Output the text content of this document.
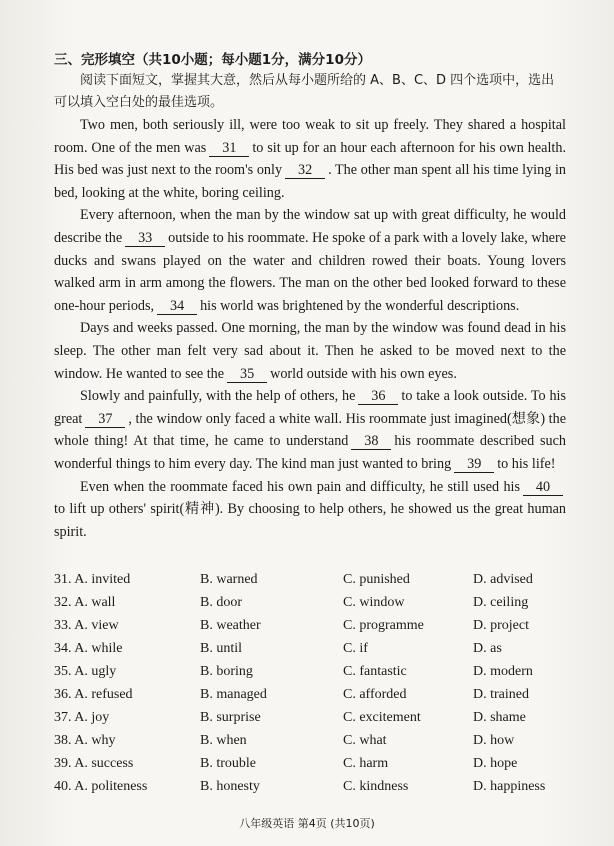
三、完形填空（共10小题；每小题1分，满分10分）
阅读下面短文，掌握其大意，然后从每小题所给的 A、B、C、D 四个选项中，选出可以填入空白处的最佳选项。

Two men, both seriously ill, were too weak to sit up freely. They shared a hospital room. One of the men was 31 to sit up for an hour each afternoon for his own health. His bed was just next to the room's only 32 . The other man spent all his time lying in bed, looking at the white, boring ceiling.

Every afternoon, when the man by the window sat up with great difficulty, he would describe the 33 outside to his roommate. He spoke of a park with a lovely lake, where ducks and swans played on the water and children rowed their boats. Young lovers walked arm in arm among the flowers. The man on the other bed looked forward to these one-hour periods, 34 his world was brightened by the wonderful descriptions.

Days and weeks passed. One morning, the man by the window was found dead in his sleep. The other man felt very sad about it. Then he asked to be moved next to the window. He wanted to see the 35 world outside with his own eyes.

Slowly and painfully, with the help of others, he 36 to take a look outside. To his great 37 , the window only faced a white wall. His roommate just imagined(想象) the whole thing! At that time, he came to understand 38 his roommate described such wonderful things to him every day. The kind man just wanted to bring 39 to his life!

Even when the roommate faced his own pain and difficulty, he still used his 40to lift up others' spirit(精神). By choosing to help others, he showed us the great human spirit.

31. A. invited	B. warned	C. punished	D. advised
32. A. wall	B. door	C. window	D. ceiling
33. A. view	B. weather	C. programme	D. project
34. A. while	B. until	C. if	D. as
35. A. ugly	B. boring	C. fantastic	D. modern
36. A. refused	B. managed	C. afforded	D. trained
37. A. joy	B. surprise	C. excitement	D. shame
38. A. why	B. when	C. what	D. how
39. A. success	B. trouble	C. harm	D. hope
40. A. politeness	B. honesty	C. kindness	D. happiness
八年级英语 第4页 (共10页)
